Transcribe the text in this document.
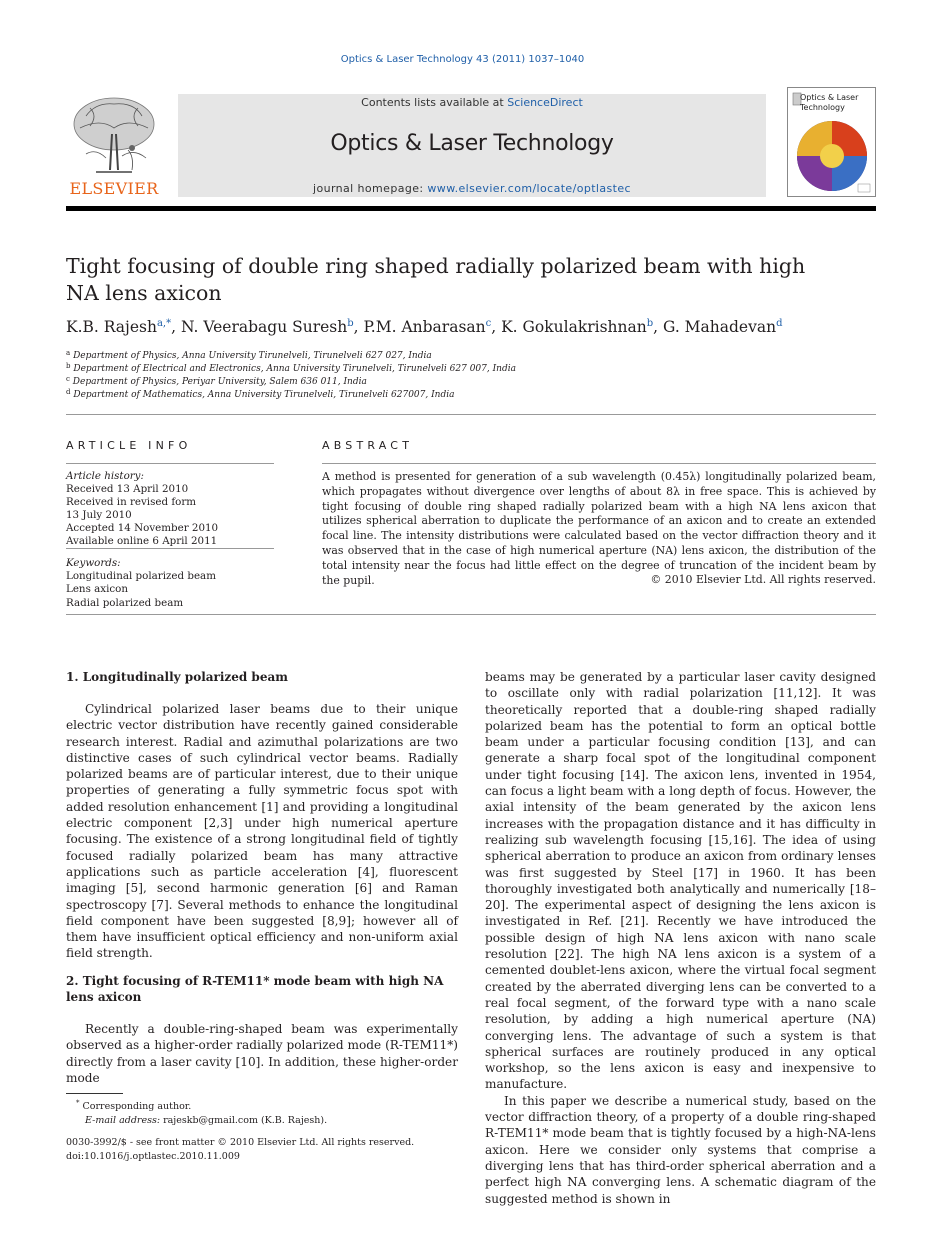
Optics & Laser Technology 43 (2011) 1037–1040
ELSEVIER
Contents lists available at ScienceDirect
Optics & Laser Technology
journal homepage: www.elsevier.com/locate/optlastec
Optics & Laser Technology
Tight focusing of double ring shaped radially polarized beam with high NA lens axicon
K.B. Rajesh$^{a,*}$, N. Veerabagu Suresh$^b$, P.M. Anbarasan$^c$, K. Gokulakrishnan$^b$, G. Mahadevan$^d$
$^a$ Department of Physics, Anna University Tirunelveli, Tirunelveli 627 027, India
$^b$ Department of Electrical and Electronics, Anna University Tirunelveli, Tirunelveli 627 007, India
$^c$ Department of Physics, Periyar University, Salem 636 011, India
$^d$ Department of Mathematics, Anna University Tirunelveli, Tirunelveli 627007, India
ARTICLE INFO
Article history:
Received 13 April 2010
Received in revised form
13 July 2010
Accepted 14 November 2010
Available online 6 April 2011
Keywords:
Longitudinal polarized beam
Lens axicon
Radial polarized beam
ABSTRACT
A method is presented for generation of a sub wavelength (0.45λ) longitudinally polarized beam, which propagates without divergence over lengths of about 8λ in free space. This is achieved by tight focusing of double ring shaped radially polarized beam with a high NA lens axicon that utilizes spherical aberration to duplicate the performance of an axicon and to create an extended focal line. The intensity distributions were calculated based on the vector diffraction theory and it was observed that in the case of high numerical aperture (NA) lens axicon, the distribution of the total intensity near the focus had little effect on the degree of truncation of the incident beam by the pupil.	© 2010 Elsevier Ltd. All rights reserved.
1. Longitudinally polarized beam

Cylindrical polarized laser beams due to their unique electric vector distribution have recently gained considerable research interest. Radial and azimuthal polarizations are two distinctive cases of such cylindrical vector beams. Radially polarized beams are of particular interest, due to their unique properties of generating a fully symmetric focus spot with added resolution enhancement [1] and providing a longitudinal electric component [2,3] under high numerical aperture focusing. The existence of a strong longitudinal field of tightly focused radially polarized beam has many attractive applications such as particle acceleration [4], fluorescent imaging [5], second harmonic generation [6] and Raman spectroscopy [7]. Several methods to enhance the longitudinal field component have been suggested [8,9]; however all of them have insufficient optical efficiency and non-uniform axial field strength.

2. Tight focusing of R-TEM11* mode beam with high NA lens axicon

Recently a double-ring-shaped beam was experimentally observed as a higher-order radially polarized mode (R-TEM11*) directly from a laser cavity [10]. In addition, these higher-order mode

beams may be generated by a particular laser cavity designed to oscillate only with radial polarization [11,12]. It was theoretically reported that a double-ring shaped radially polarized beam has the potential to form an optical bottle beam under a particular focusing condition [13], and can generate a sharp focal spot of the longitudinal component under tight focusing [14]. The axicon lens, invented in 1954, can focus a light beam with a long depth of focus. However, the axial intensity of the beam generated by the axicon lens increases with the propagation distance and it has difficulty in realizing sub wavelength focusing [15,16]. The idea of using spherical aberration to produce an axicon from ordinary lenses was first suggested by Steel [17] in 1960. It has been thoroughly investigated both analytically and numerically [18–20]. The experimental aspect of designing the lens axicon is investigated in Ref. [21]. Recently we have introduced the possible design of high NA lens axicon with nano scale resolution [22]. The high NA lens axicon is a system of a cemented doublet-lens axicon, where the virtual focal segment created by the aberrated diverging lens can be converted to a real focal segment, of the forward type with a nano scale resolution, by adding a high numerical aperture (NA) converging lens. The advantage of such a system is that spherical surfaces are routinely produced in any optical workshop, so the lens axicon is easy and inexpensive to manufacture.

In this paper we describe a numerical study, based on the vector diffraction theory, of a property of a double ring-shaped R-TEM11* mode beam that is tightly focused by a high-NA-lens axicon. Here we consider only systems that comprise a diverging lens that has third-order spherical aberration and a perfect high NA converging lens. A schematic diagram of the suggested method is shown in

* Corresponding author.
E-mail address: rajeskb@gmail.com (K.B. Rajesh).
0030-3992/$ - see front matter © 2010 Elsevier Ltd. All rights reserved.
doi:10.1016/j.optlastec.2010.11.009
